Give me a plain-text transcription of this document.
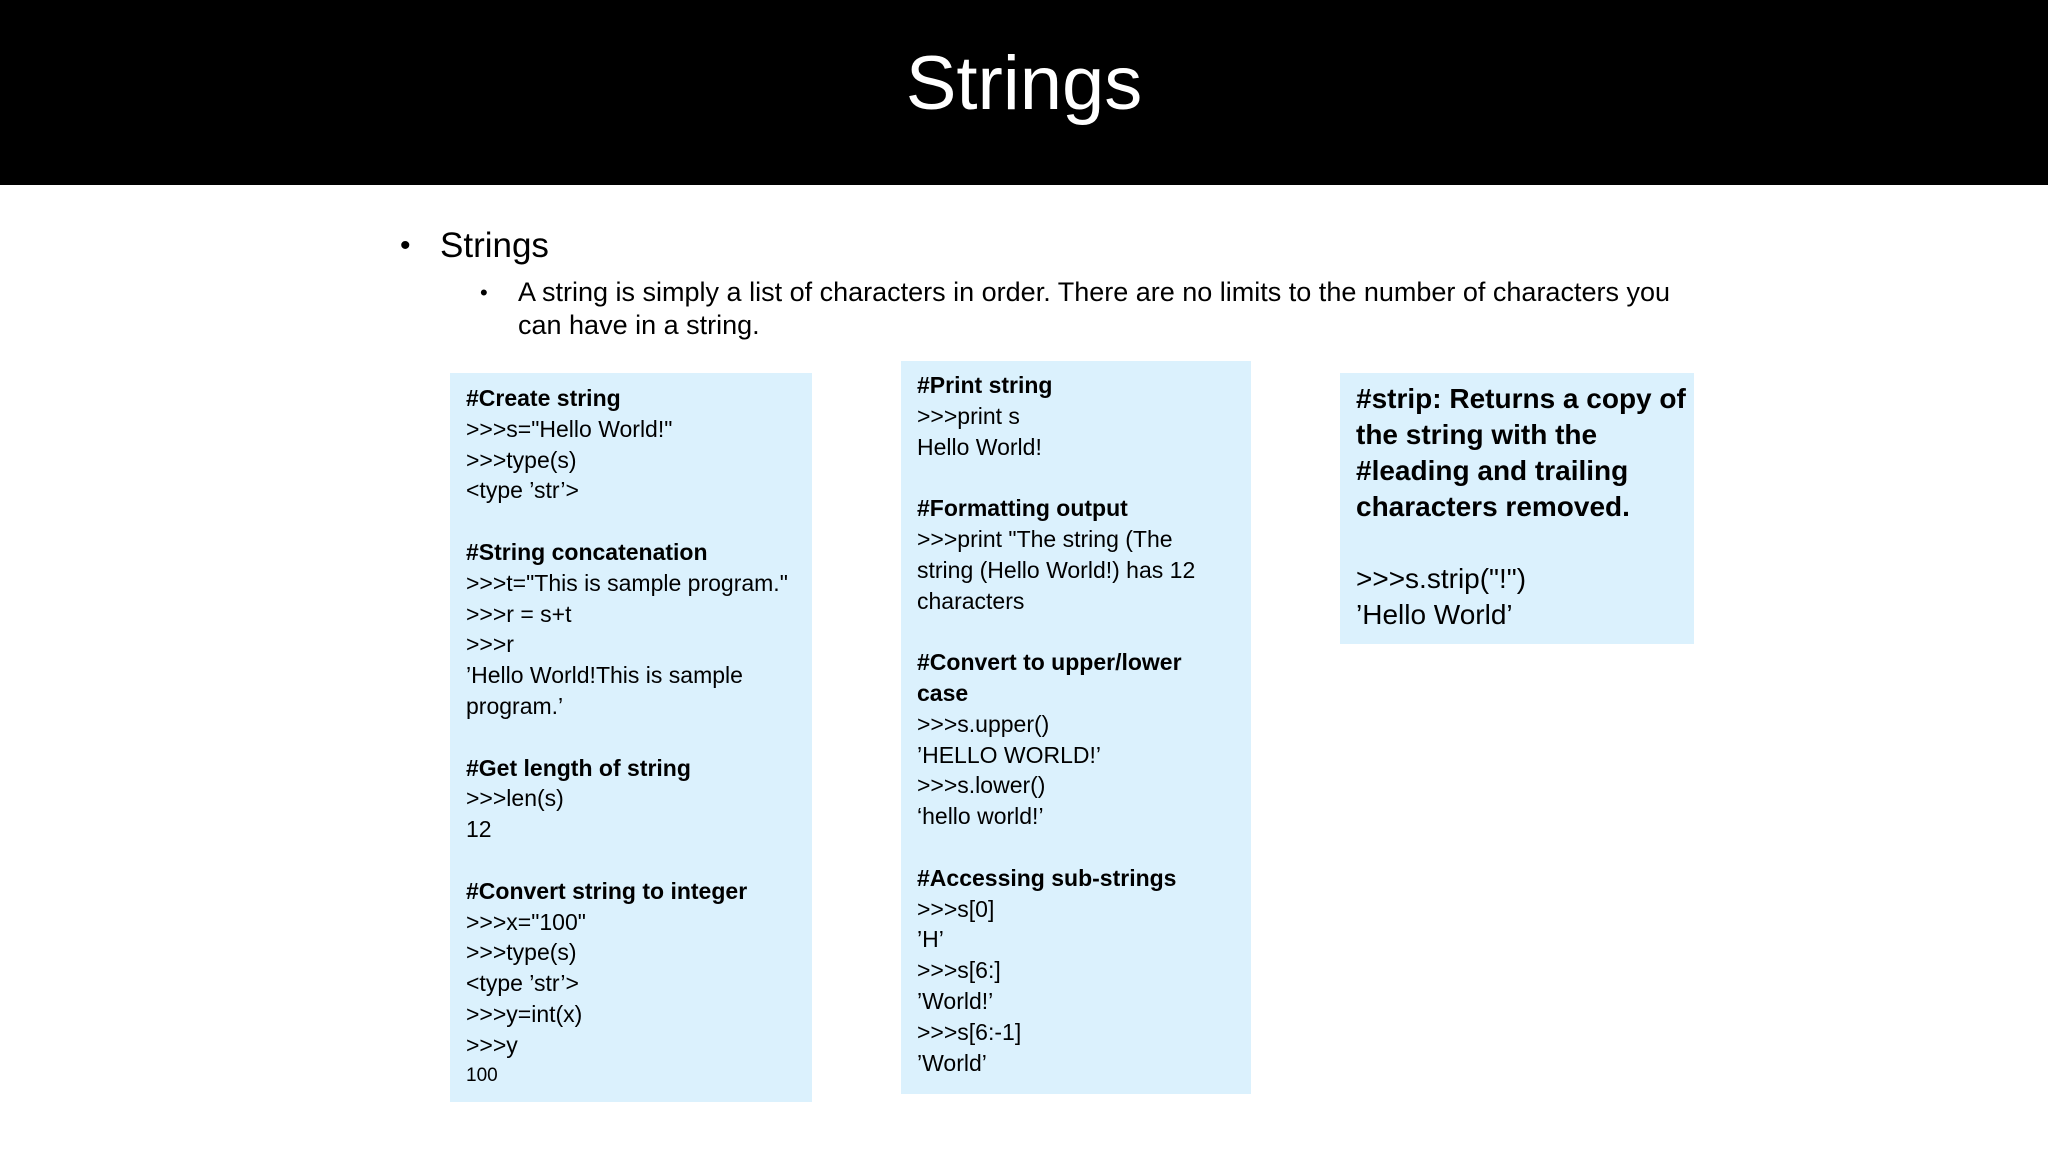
Strings
• Strings
• A string is simply a list of characters in order. There are no limits to the number of characters you can have in a string.
#Create string
>>>s="Hello World!"
>>>type(s)
<type ’str’>
#String concatenation
>>>t="This is sample program."
>>>r = s+t
>>>r
’Hello World!This is sample
program.’
#Get length of string
>>>len(s)
12
#Convert string to integer
>>>x="100"
>>>type(s)
<type ’str’>
>>>y=int(x)
>>>y
100
#Print string
>>>print s
Hello World!
#Formatting output
>>>print "The string (The
string (Hello World!) has 12
characters
#Convert to upper/lower
case
>>>s.upper()
’HELLO WORLD!’
>>>s.lower()
‘hello world!’
#Accessing sub-strings
>>>s[0]
’H’
>>>s[6:]
’World!’
>>>s[6:-1]
’World’
#strip: Returns a copy of
the string with the
#leading and trailing
characters removed.
>>>s.strip("!")
’Hello World’
